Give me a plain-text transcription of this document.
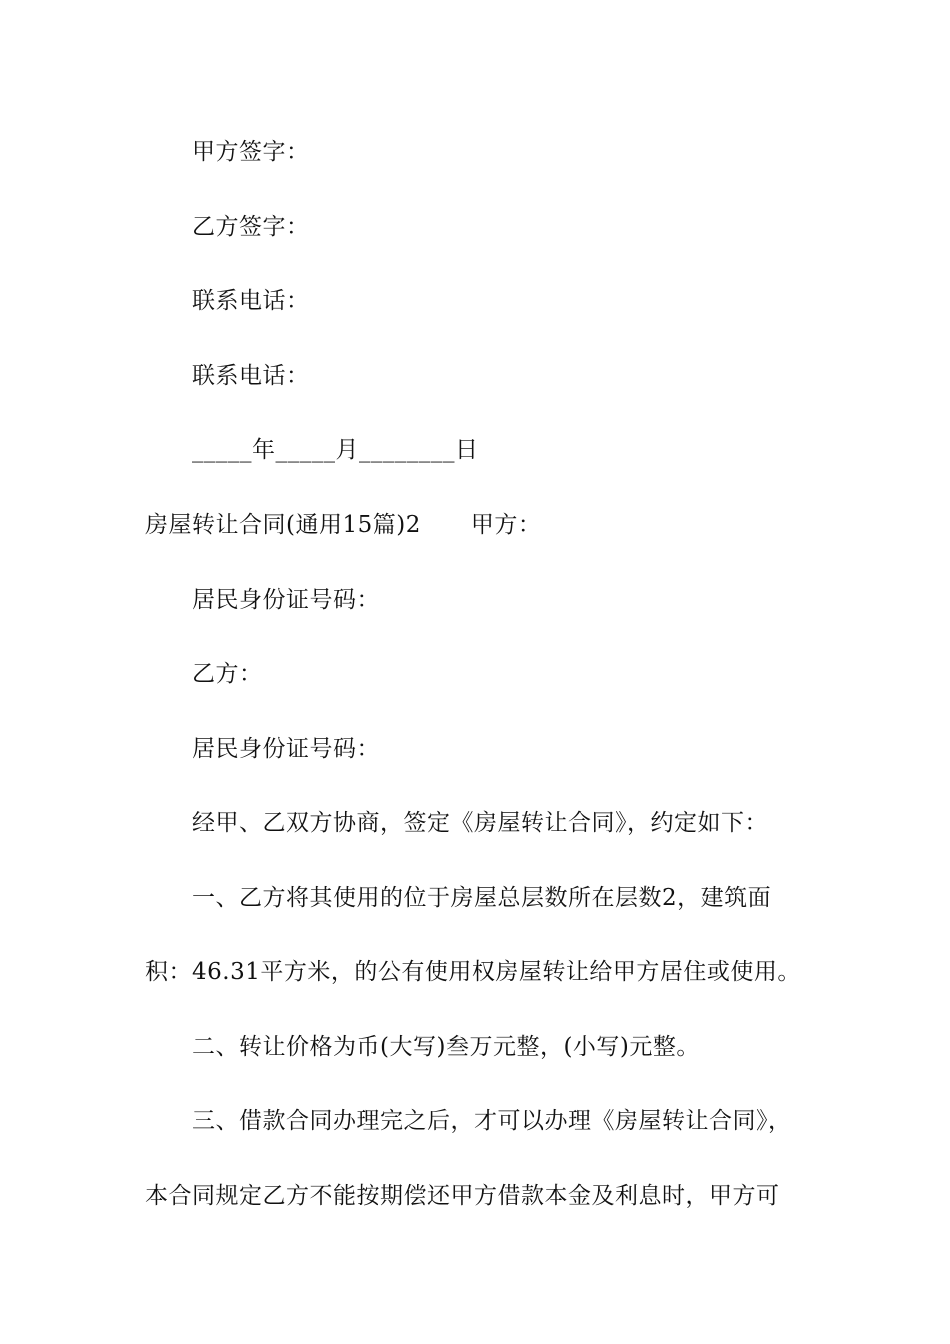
甲方签字：
乙方签字：
联系电话：
联系电话：
_____年_____月________日
房屋转让合同(通用15篇)2 甲方：
居民身份证号码：
乙方：
居民身份证号码：
经甲、乙双方协商，签定《房屋转让合同》，约定如下：
一、乙方将其使用的位于房屋总层数所在层数2，建筑面
积：46.31平方米，的公有使用权房屋转让给甲方居住或使用。
二、转让价格为币(大写)叁万元整，(小写)元整。
三、借款合同办理完之后，才可以办理《房屋转让合同》，
本合同规定乙方不能按期偿还甲方借款本金及利息时，甲方可
